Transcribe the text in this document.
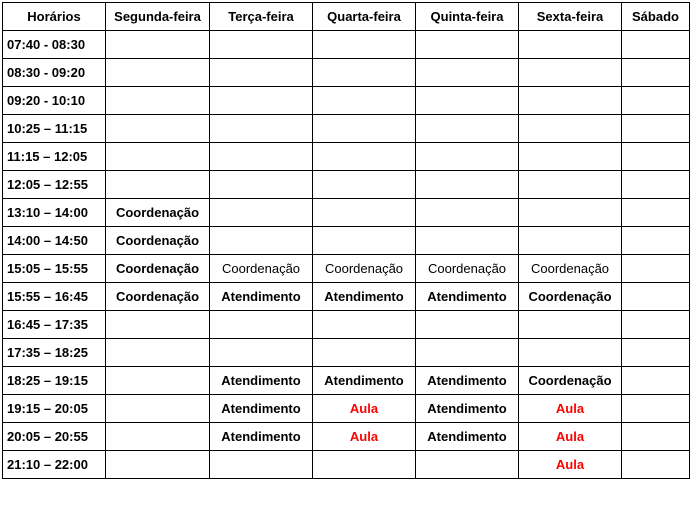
Horários	Segunda-feira	Terça-feira	Quarta-feira	Quinta-feira	Sexta-feira	Sábado
07:40 - 08:30						
08:30 - 09:20						
09:20 - 10:10						
10:25 – 11:15						
11:15 – 12:05						
12:05 – 12:55						
13:10 – 14:00	Coordenação					
14:00 – 14:50	Coordenação					
15:05 – 15:55	Coordenação	Coordenação	Coordenação	Coordenação	Coordenação	
15:55 – 16:45	Coordenação	Atendimento	Atendimento	Atendimento	Coordenação	
16:45 – 17:35						
17:35 – 18:25						
18:25 – 19:15		Atendimento	Atendimento	Atendimento	Coordenação	
19:15 – 20:05		Atendimento	Aula	Atendimento	Aula	
20:05 – 20:55		Atendimento	Aula	Atendimento	Aula	
21:10 – 22:00					Aula	
